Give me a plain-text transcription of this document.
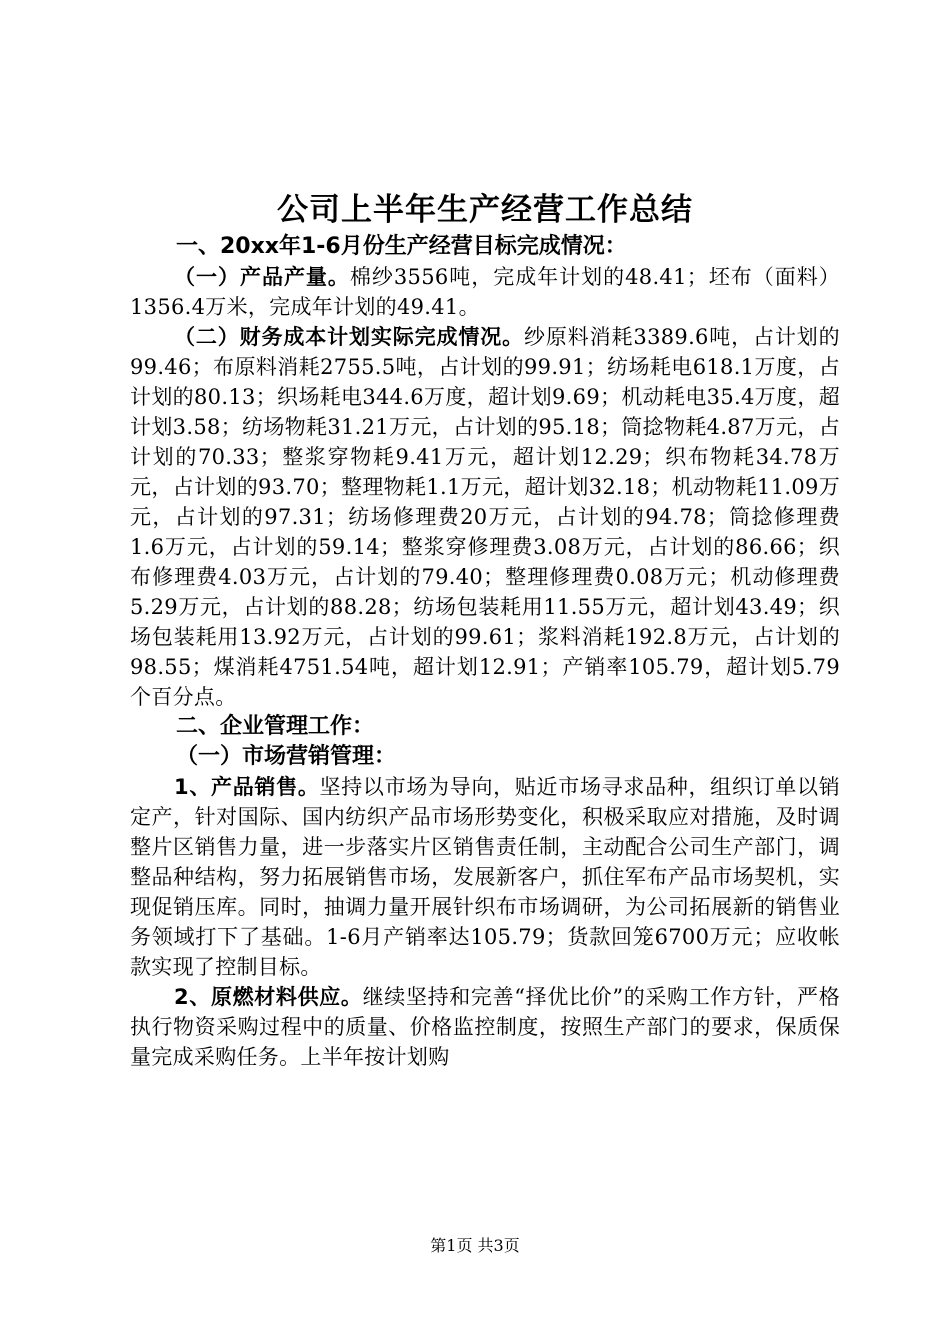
公司上半年生产经营工作总结
一、20xx年1-6月份生产经营目标完成情况：

（一）产品产量。棉纱3556吨，完成年计划的48.41；坯布（面料）1356.4万米，完成年计划的49.41。

（二）财务成本计划实际完成情况。纱原料消耗3389.6吨，占计划的99.46；布原料消耗2755.5吨，占计划的99.91；纺场耗电618.1万度，占计划的80.13；织场耗电344.6万度，超计划9.69；机动耗电35.4万度，超计划3.58；纺场物耗31.21万元，占计划的95.18；筒捻物耗4.87万元，占计划的70.33；整浆穿物耗9.41万元，超计划12.29；织布物耗34.78万元，占计划的93.70；整理物耗1.1万元，超计划32.18；机动物耗11.09万元，占计划的97.31；纺场修理费20万元，占计划的94.78；筒捻修理费1.6万元，占计划的59.14；整浆穿修理费3.08万元，占计划的86.66；织布修理费4.03万元，占计划的79.40；整理修理费0.08万元；机动修理费5.29万元，占计划的88.28；纺场包装耗用11.55万元，超计划43.49；织场包装耗用13.92万元，占计划的99.61；浆料消耗192.8万元，占计划的98.55；煤消耗4751.54吨，超计划12.91；产销率105.79，超计划5.79个百分点。

二、企业管理工作：
（一）市场营销管理：

1、产品销售。坚持以市场为导向，贴近市场寻求品种，组织订单以销定产，针对国际、国内纺织产品市场形势变化，积极采取应对措施，及时调整片区销售力量，进一步落实片区销售责任制，主动配合公司生产部门，调整品种结构，努力拓展销售市场，发展新客户，抓住军布产品市场契机，实现促销压库。同时，抽调力量开展针织布市场调研，为公司拓展新的销售业务领域打下了基础。1-6月产销率达105.79；货款回笼6700万元；应收帐款实现了控制目标。

2、原燃材料供应。继续坚持和完善“择优比价”的采购工作方针，严格执行物资采购过程中的质量、价格监控制度，按照生产部门的要求，保质保量完成采购任务。上半年按计划购

第1页 共3页
